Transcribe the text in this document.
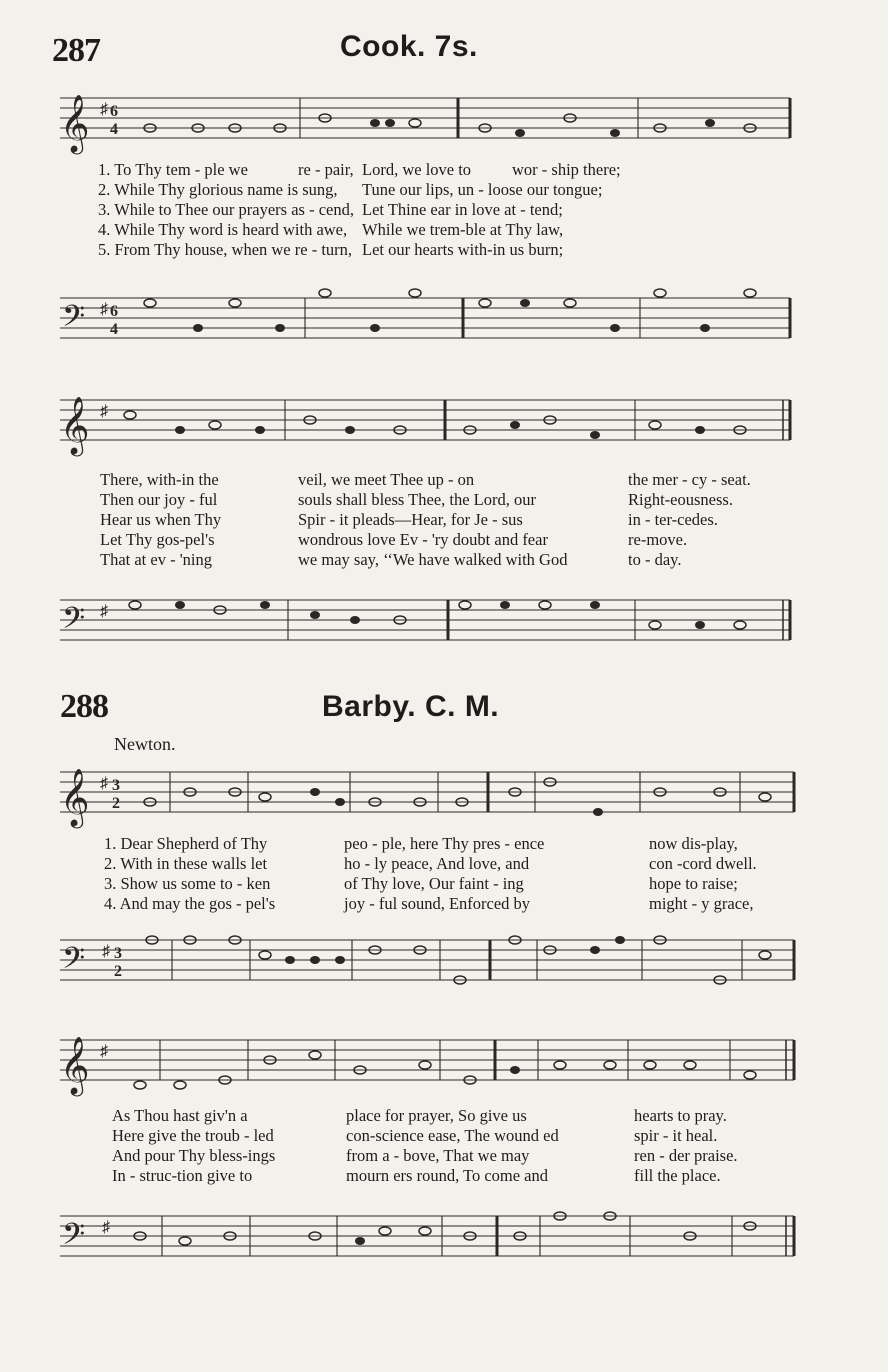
287	Cook. 7s.
𝄞 ♯ 6
4
1. To Thy tem - ple we	re - pair, Lord, we love to	wor - ship there;
2. While Thy glorious name is sung,	Tune our lips, un - loose our tongue;
3. While to Thee our prayers as - cend, Let Thine ear in love at - tend;
4. While Thy word is heard with awe, While we trem-ble at Thy law,
5. From Thy house, when we re - turn, Let our hearts with-in us burn;
𝄢 ♯ 6
4
𝄞 ♯
There, with-in the	veil, we meet Thee up - on	the mer - cy - seat.
Then our joy - ful	souls shall bless Thee, the Lord, our	Right-eousness.
Hear us when Thy	Spir - it pleads—Hear, for Je - sus	in - ter-cedes.
Let Thy gos-pel's	wondrous love Ev - 'ry doubt and fear	re-move.
That at ev - 'ning	we may say, ‘‘We have walked with God	to - day.
𝄢 ♯
288	Barby. C. M.
Newton.
𝄞 ♯ 3
2
1. Dear Shepherd of Thy	peo - ple, here Thy pres - ence	now dis-play,
2. With in these walls let	ho - ly peace, And love, and	con -cord dwell.
3. Show us some to - ken	of Thy love, Our faint - ing	hope to raise;
4. And may the gos - pel's	joy - ful sound, Enforced by	might - y grace,
𝄢 ♯ 3
2
𝄞 ♯
As Thou hast giv'n a	place for prayer, So give us	hearts to pray.
Here give the troub - led	con-science ease, The wound ed	spir - it heal.
And pour Thy bless-ings	from a - bove, That we may	ren - der praise.
In - struc-tion give to	mourn ers round, To come and	fill the place.
𝄢 ♯
